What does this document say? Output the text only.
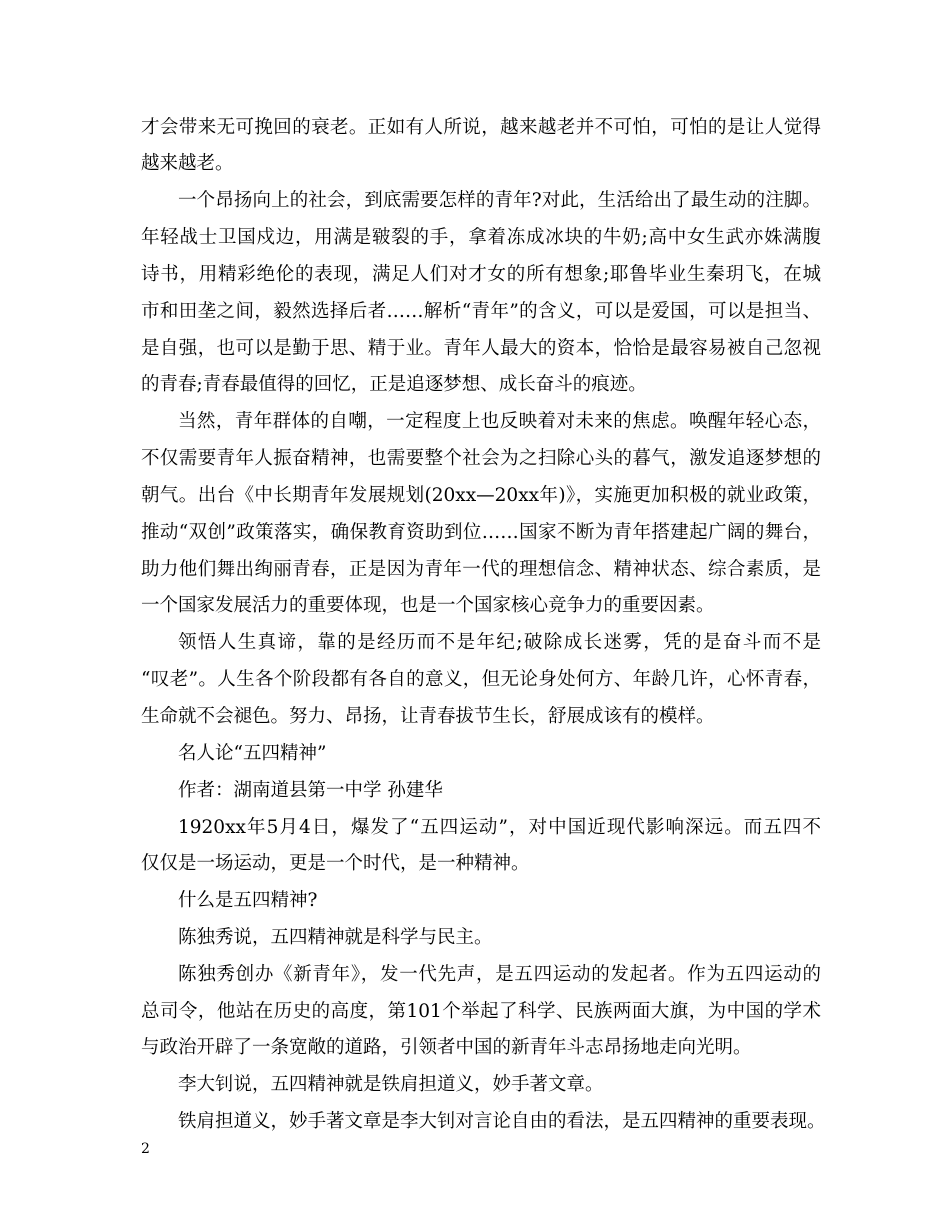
才会带来无可挽回的衰老。正如有人所说，越来越老并不可怕，可怕的是让人觉得
越来越老。
一个昂扬向上的社会，到底需要怎样的青年?对此，生活给出了最生动的注脚。
年轻战士卫国戍边，用满是皲裂的手，拿着冻成冰块的牛奶;高中女生武亦姝满腹
诗书，用精彩绝伦的表现，满足人们对才女的所有想象;耶鲁毕业生秦玥飞，在城
市和田垄之间，毅然选择后者……解析“青年”的含义，可以是爱国，可以是担当、
是自强，也可以是勤于思、精于业。青年人最大的资本，恰恰是最容易被自己忽视
的青春;青春最值得的回忆，正是追逐梦想、成长奋斗的痕迹。
当然，青年群体的自嘲，一定程度上也反映着对未来的焦虑。唤醒年轻心态，
不仅需要青年人振奋精神，也需要整个社会为之扫除心头的暮气，激发追逐梦想的
朝气。出台《中长期青年发展规划(20xx—20xx年)》，实施更加积极的就业政策，
推动“双创”政策落实，确保教育资助到位……国家不断为青年搭建起广阔的舞台，
助力他们舞出绚丽青春，正是因为青年一代的理想信念、精神状态、综合素质，是
一个国家发展活力的重要体现，也是一个国家核心竞争力的重要因素。
领悟人生真谛，靠的是经历而不是年纪;破除成长迷雾，凭的是奋斗而不是
“叹老”。人生各个阶段都有各自的意义，但无论身处何方、年龄几许，心怀青春，
生命就不会褪色。努力、昂扬，让青春拔节生长，舒展成该有的模样。
名人论“五四精神”
作者：湖南道县第一中学 孙建华
1920xx年5月4日，爆发了“五四运动”，对中国近现代影响深远。而五四不
仅仅是一场运动，更是一个时代，是一种精神。
什么是五四精神?
陈独秀说，五四精神就是科学与民主。
陈独秀创办《新青年》，发一代先声，是五四运动的发起者。作为五四运动的
总司令，他站在历史的高度，第101个举起了科学、民族两面大旗，为中国的学术
与政治开辟了一条宽敞的道路，引领者中国的新青年斗志昂扬地走向光明。
李大钊说，五四精神就是铁肩担道义，妙手著文章。
铁肩担道义，妙手著文章是李大钊对言论自由的看法，是五四精神的重要表现。
2
